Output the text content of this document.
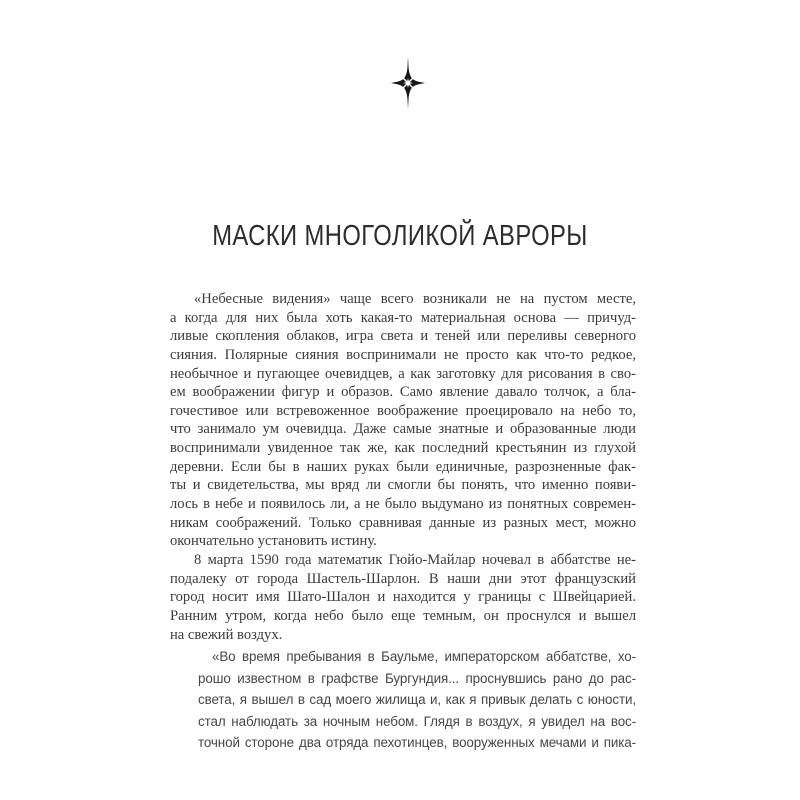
МАСКИ МНОГОЛИКОЙ АВРОРЫ
«Небесные видения» чаще всего возникали не на пустом месте,
а когда для них была хоть какая-то материальная основа — причуд-
ливые скопления облаков, игра света и теней или переливы северного
сияния. Полярные сияния воспринимали не просто как что-то редкое,
необычное и пугающее очевидцев, а как заготовку для рисования в сво-
ем воображении фигур и образов. Само явление давало толчок, а бла-
гочестивое или встревоженное воображение проецировало на небо то,
что занимало ум очевидца. Даже самые знатные и образованные люди
воспринимали увиденное так же, как последний крестьянин из глухой
деревни. Если бы в наших руках были единичные, разрозненные фак-
ты и свидетельства, мы вряд ли смогли бы понять, что именно появи-
лось в небе и появилось ли, а не было выдумано из понятных современ-
никам соображений. Только сравнивая данные из разных мест, можно
окончательно установить истину.
8 марта 1590 года математик Гюйо-Майлар ночевал в аббатстве не-
подалеку от города Шастель-Шарлон. В наши дни этот французский
город носит имя Шато-Шалон и находится у границы с Швейцарией.
Ранним утром, когда небо было еще темным, он проснулся и вышел
на свежий воздух.
«Во время пребывания в Баульме, императорском аббатстве, хо-
рошо известном в графстве Бургундия... проснувшись рано до рас-
света, я вышел в сад моего жилища и, как я привык делать с юности,
стал наблюдать за ночным небом. Глядя в воздух, я увидел на вос-
точной стороне два отряда пехотинцев, вооруженных мечами и пика-
